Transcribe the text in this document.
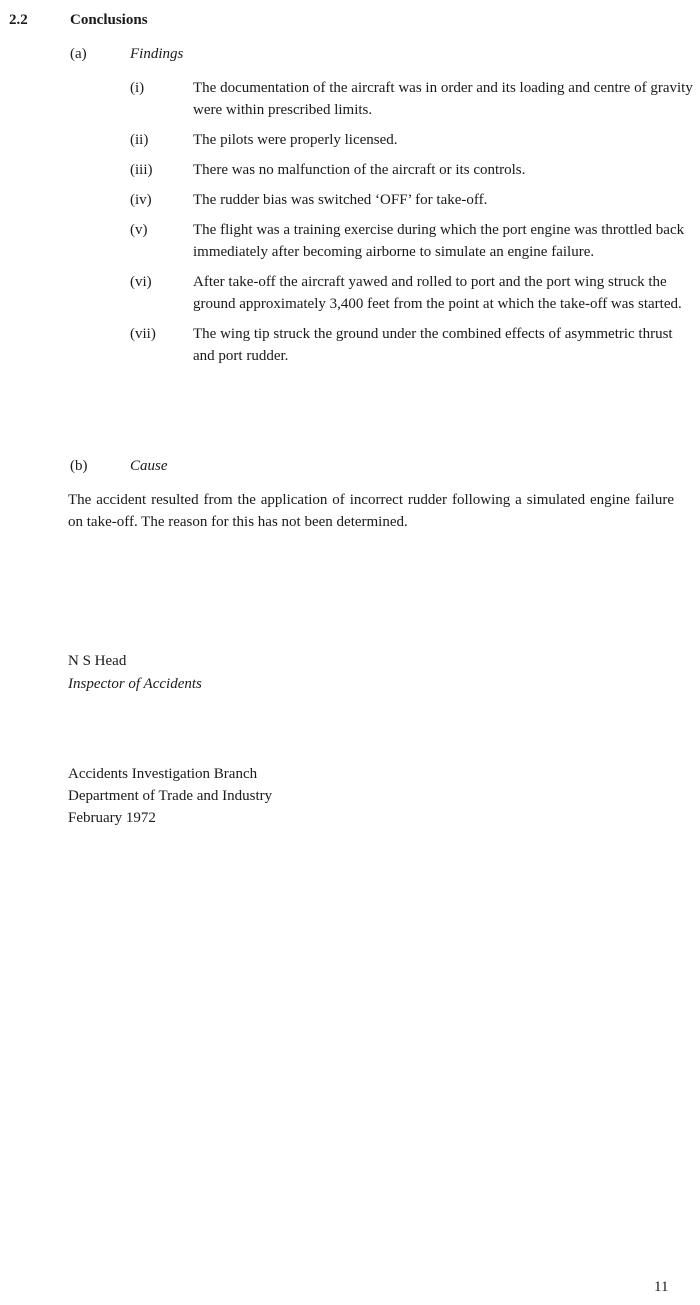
2.2	Conclusions
(a)	Findings
(i)	The documentation of the aircraft was in order and its loading and centre of gravity were within prescribed limits.
(ii)	The pilots were properly licensed.
(iii)	There was no malfunction of the aircraft or its controls.
(iv)	The rudder bias was switched ‘OFF’ for take-off.
(v)	The flight was a training exercise during which the port engine was throttled back immediately after becoming airborne to simulate an engine failure.
(vi)	After take-off the aircraft yawed and rolled to port and the port wing struck the ground approximately 3,400 feet from the point at which the take-off was started.
(vii) The wing tip struck the ground under the combined effects of asymmetric thrust and port rudder.
(b)	Cause
The accident resulted from the application of incorrect rudder following a simulated engine failure on take-off. The reason for this has not been determined.
N S Head
Inspector of Accidents
Accidents Investigation Branch
Department of Trade and Industry
February 1972
11
